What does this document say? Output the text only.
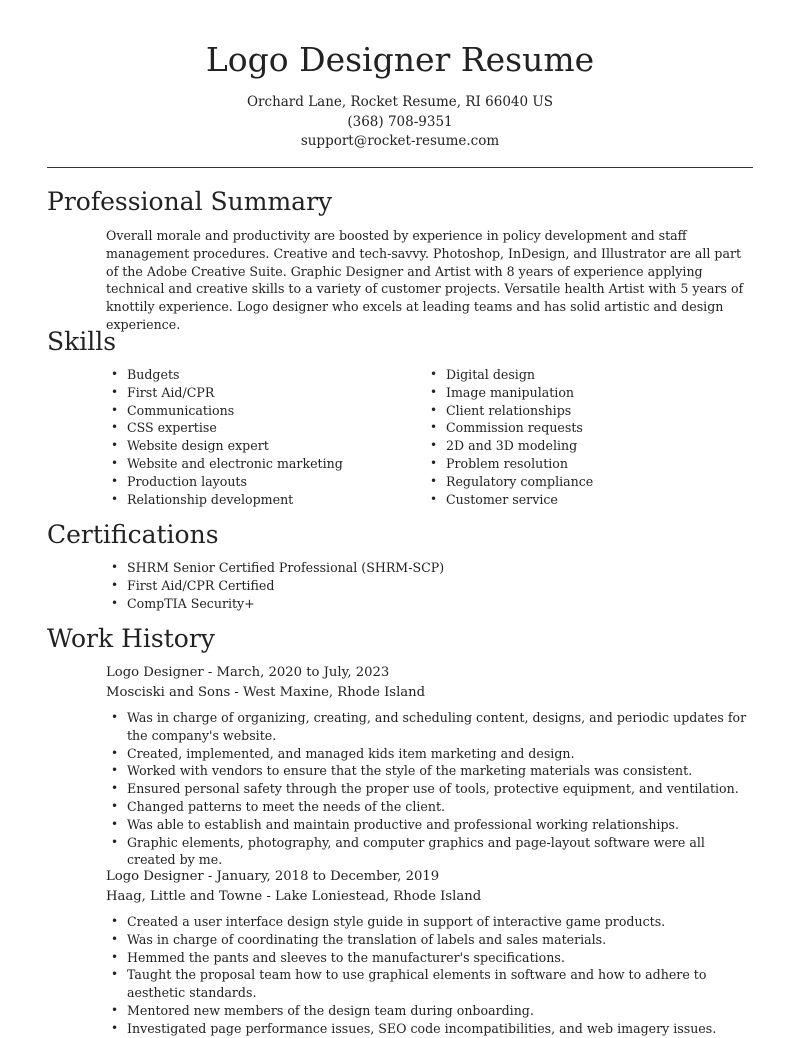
Logo Designer Resume
Orchard Lane, Rocket Resume, RI 66040 US
(368) 708-9351
support@rocket-resume.com
Professional Summary

Overall morale and productivity are boosted by experience in policy development and staff management procedures. Creative and tech-savvy. Photoshop, InDesign, and Illustrator are all part of the Adobe Creative Suite. Graphic Designer and Artist with 8 years of experience applying technical and creative skills to a variety of customer projects. Versatile health Artist with 5 years of knottily experience. Logo designer who excels at leading teams and has solid artistic and design experience.

Skills
• Budgets
• First Aid/CPR
• Communications
• CSS expertise
• Website design expert
• Website and electronic marketing
• Production layouts
• Relationship development
• Digital design
• Image manipulation
• Client relationships
• Commission requests
• 2D and 3D modeling
• Problem resolution
• Regulatory compliance
• Customer service
Certifications
• SHRM Senior Certified Professional (SHRM-SCP)
• First Aid/CPR Certified
• CompTIA Security+
Work History

Logo Designer - March, 2020 to July, 2023

Mosciski and Sons - West Maxine, Rhode Island

• Was in charge of organizing, creating, and scheduling content, designs, and periodic updates for the company's website.
• Created, implemented, and managed kids item marketing and design.
• Worked with vendors to ensure that the style of the marketing materials was consistent.
• Ensured personal safety through the proper use of tools, protective equipment, and ventilation.
• Changed patterns to meet the needs of the client.
• Was able to establish and maintain productive and professional working relationships.
• Graphic elements, photography, and computer graphics and page-layout software were all created by me.

Logo Designer - January, 2018 to December, 2019

Haag, Little and Towne - Lake Loniestead, Rhode Island

• Created a user interface design style guide in support of interactive game products.
• Was in charge of coordinating the translation of labels and sales materials.
• Hemmed the pants and sleeves to the manufacturer's specifications.
• Taught the proposal team how to use graphical elements in software and how to adhere to aesthetic standards.
• Mentored new members of the design team during onboarding.
• Investigated page performance issues, SEO code incompatibilities, and web imagery issues.
